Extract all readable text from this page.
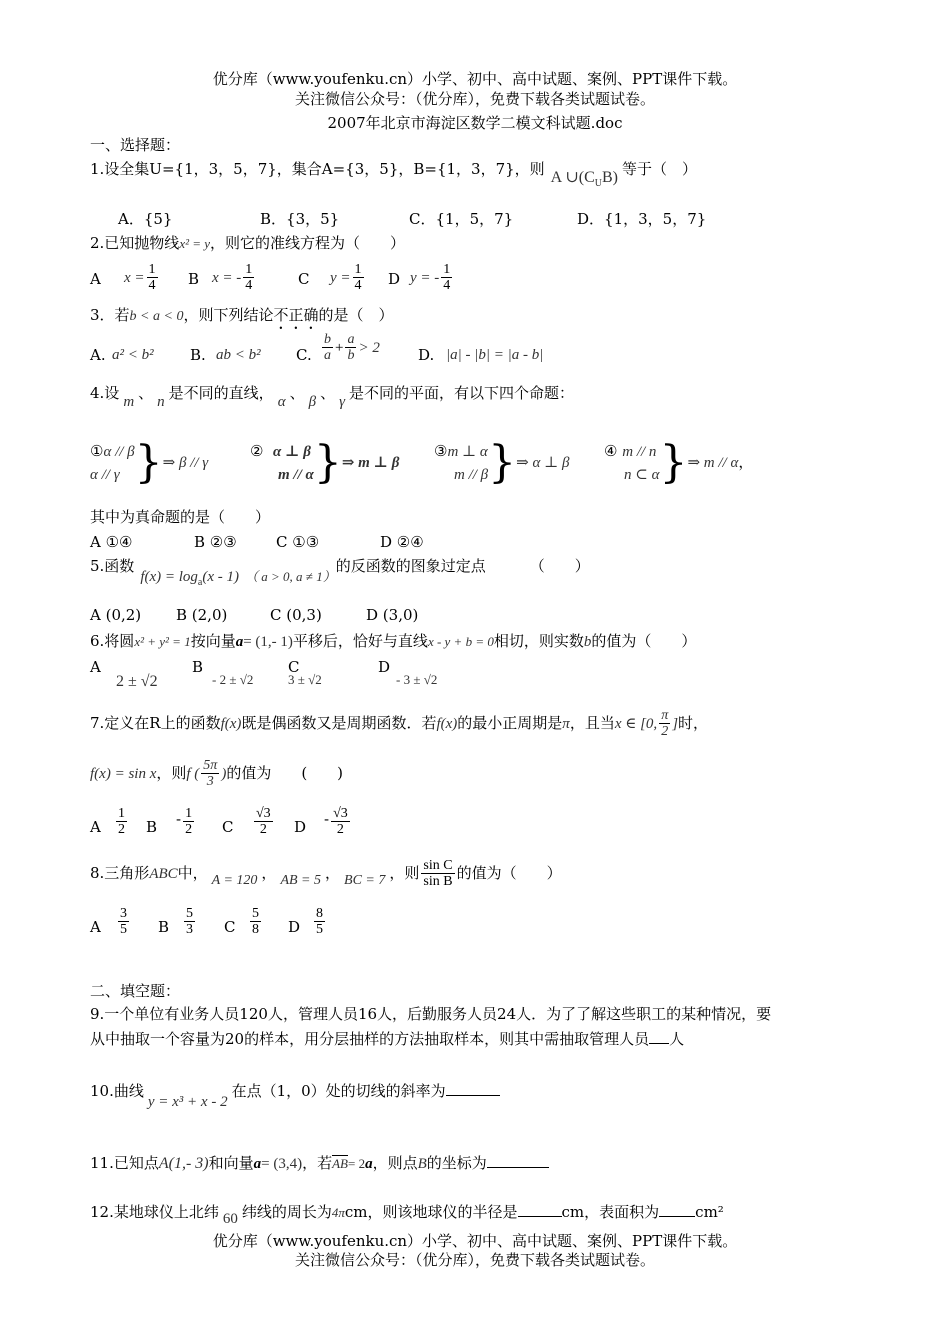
优分库（www.youfenku.cn）小学、初中、高中试题、案例、PPT课件下载。
关注微信公众号：（优分库），免费下载各类试题试卷。
2007年北京市海淀区数学二模文科试题.doc
一、选择题：
1.设全集U={1，3，5，7}，集合A={3，5}，B={1，3，7}，则 A $\cup(C_UB)$ 等于（　）
A．{5}	B．{3，5}	C．{1，5，7}	D．{1，3，5，7}
2.已知抛物线x² = y，则它的准线方程为（　　）
A $x = \frac{1}{4}$ B x = - $\frac{1}{4}$	C $y = \frac{1}{4}$ D y = - $\frac{1}{4}$
3．若b < a < 0，则下列结论不正确的是（　）
A. a² < b² B. ab < b² C. $\frac{b}{a} + \frac{a}{b} > 2$	D. |a| - |b| = |a - b|
4.设 m 、 n 是不同的直线， α 、 β 、 γ 是不同的平面，有以下四个命题：
①α // β
α // γ }⇒ β // γ
② α ⊥ β
m // α }⇒ m ⊥ β
③m ⊥ α
m // β }⇒ α ⊥ β
④ m // n
n ⊂ α }⇒ m // α，
其中为真命题的是（　　）
A ①④	B ②③	C ①③	D ②④
5.函数$f(x) = \log_a(x - 1)$ （ a > 0, a ≠ 1）的反函数的图象过定点	（　　）
A (0,2) B (2,0)	C (0,3)	D (3,0)
6.将圆x² + y² = 1按向量a= (1,- 1)平移后，恰好与直线x - y + b = 0相切，则实数b的值为（　　）
A
2 ± √2
B
- 2 ± √2
C
3 ± √2
D
- 3 ± √2
7.定义在R上的函数f(x)既是偶函数又是周期函数．若f(x)的最小正周期是π，且当x ∈ [0, $\frac{\pi}{2}$ ]时，
f(x) = sin x，则f ( $\frac{5\pi}{3}$ )的值为 (　　)
A $\frac{1}{2}$ B - $\frac{1}{2}$ C $\frac{√3}{2}$ D - $\frac{√3}{2}$
8.三角形ABC中， A = 120 ， AB = 5 ， BC = 7 ，则 $\frac{\text{sin C}}{\text{sin B}}$ 的值为（　　）
A $\frac{3}{5}$ B $\frac{5}{3}$ C $\frac{5}{8}$ D $\frac{8}{5}$
二、填空题：
9.一个单位有业务人员120人，管理人员16人，后勤服务人员24人．为了了解这些职工的某种情况，要
从中抽取一个容量为20的样本，用分层抽样的方法抽取样本，则其中需抽取管理人员 人
10.曲线y = x³ + x - 2在点（1，0）处的切线的斜率为
11.已知点A(1,- 3)和向量a= (3,4)，若AB= 2a，则点B的坐标为
12.某地球仪上北纬 60 纬线的周长为4πcm，则该地球仪的半径是	cm，表面积为 cm²
优分库（www.youfenku.cn）小学、初中、高中试题、案例、PPT课件下载。
关注微信公众号：（优分库），免费下载各类试题试卷。
